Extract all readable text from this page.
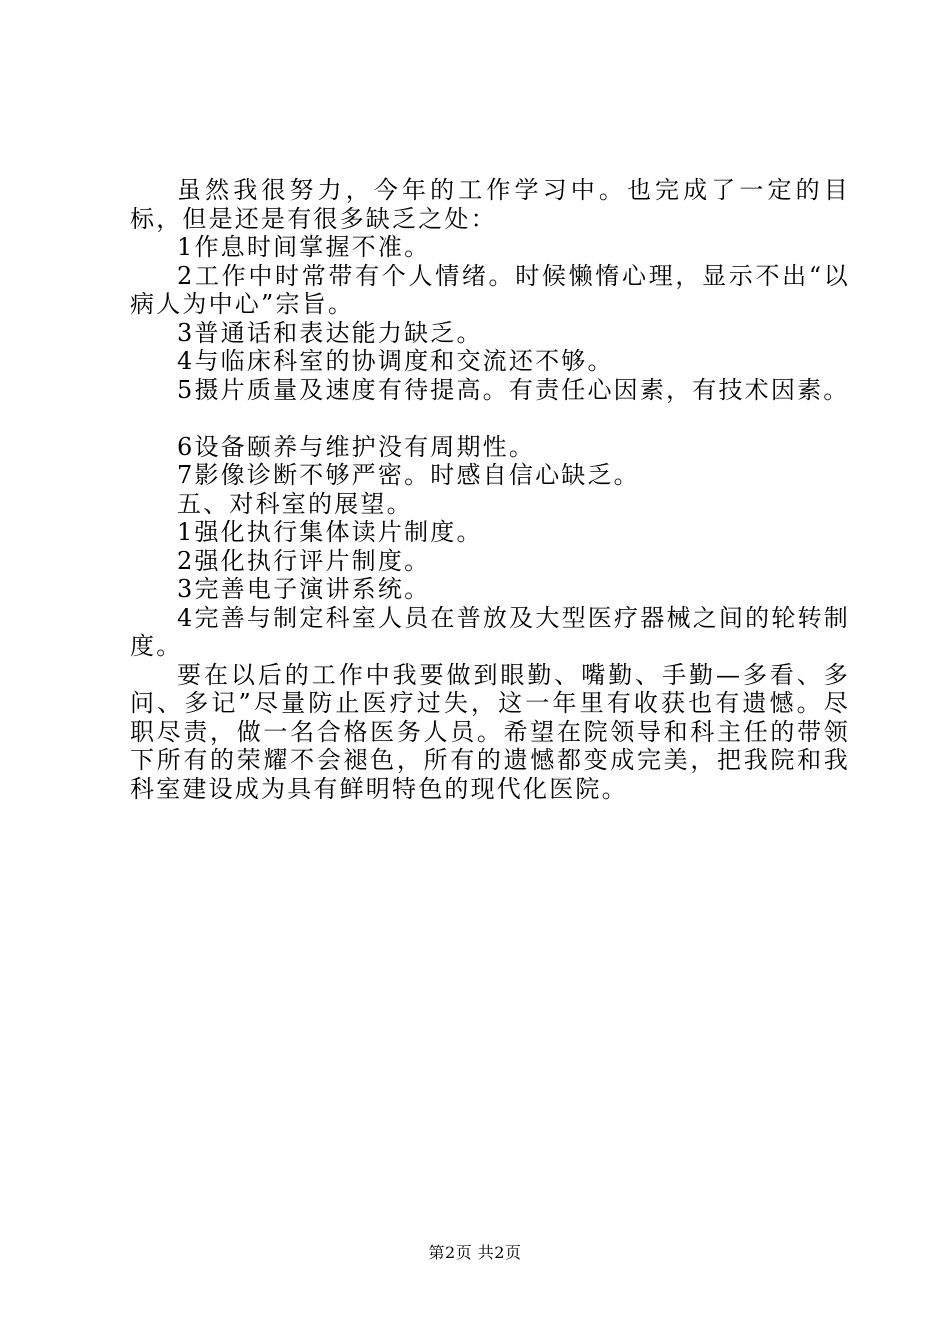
虽然我很努力，今年的工作学习中。也完成了一定的目标，但是还是有很多缺乏之处：

1作息时间掌握不准。

2工作中时常带有个人情绪。时候懒惰心理，显示不出“以病人为中心”宗旨。

3普通话和表达能力缺乏。

4与临床科室的协调度和交流还不够。

5摄片质量及速度有待提高。有责任心因素，有技术因素。

6设备颐养与维护没有周期性。

7影像诊断不够严密。时感自信心缺乏。

五、对科室的展望。

1强化执行集体读片制度。

2强化执行评片制度。

3完善电子演讲系统。

4完善与制定科室人员在普放及大型医疗器械之间的轮转制度。

要在以后的工作中我要做到眼勤、嘴勤、手勤—多看、多问、多记”尽量防止医疗过失，这一年里有收获也有遗憾。尽职尽责，做一名合格医务人员。希望在院领导和科主任的带领下所有的荣耀不会褪色，所有的遗憾都变成完美，把我院和我科室建设成为具有鲜明特色的现代化医院。

第2页 共2页
